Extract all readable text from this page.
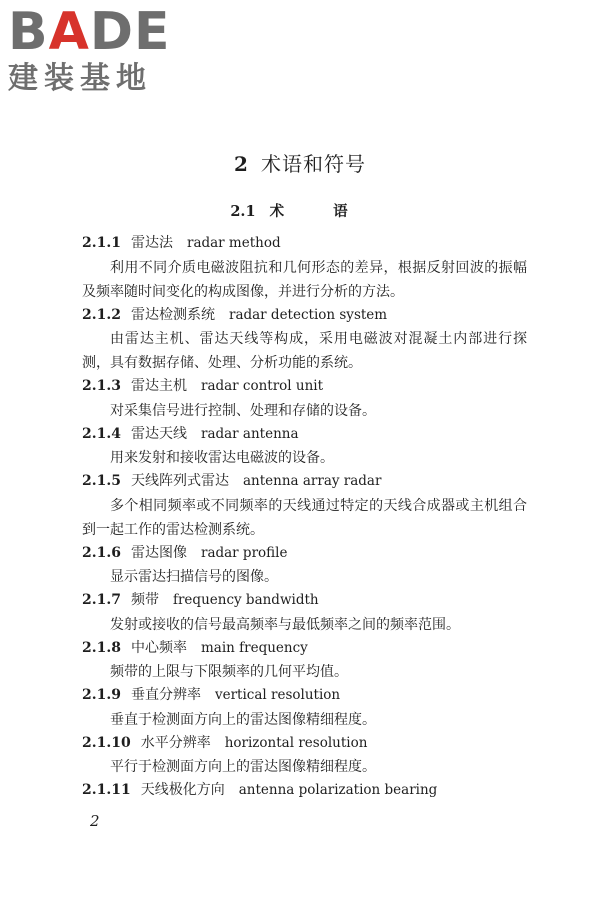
BADE
建装基地
2 术语和符号
2.1 术 语
2.1.1 雷达法 radar method

利用不同介质电磁波阻抗和几何形态的差异，根据反射回波的振幅及频率随时间变化的构成图像，并进行分析的方法。

2.1.2 雷达检测系统 radar detection system

由雷达主机、雷达天线等构成，采用电磁波对混凝土内部进行探测，具有数据存储、处理、分析功能的系统。

2.1.3 雷达主机 radar control unit

对采集信号进行控制、处理和存储的设备。

2.1.4 雷达天线 radar antenna

用来发射和接收雷达电磁波的设备。

2.1.5 天线阵列式雷达 antenna array radar

多个相同频率或不同频率的天线通过特定的天线合成器或主机组合到一起工作的雷达检测系统。

2.1.6 雷达图像 radar profile

显示雷达扫描信号的图像。

2.1.7 频带 frequency bandwidth

发射或接收的信号最高频率与最低频率之间的频率范围。

2.1.8 中心频率 main frequency

频带的上限与下限频率的几何平均值。

2.1.9 垂直分辨率 vertical resolution

垂直于检测面方向上的雷达图像精细程度。

2.1.10 水平分辨率 horizontal resolution

平行于检测面方向上的雷达图像精细程度。

2.1.11 天线极化方向 antenna polarization bearing
2
